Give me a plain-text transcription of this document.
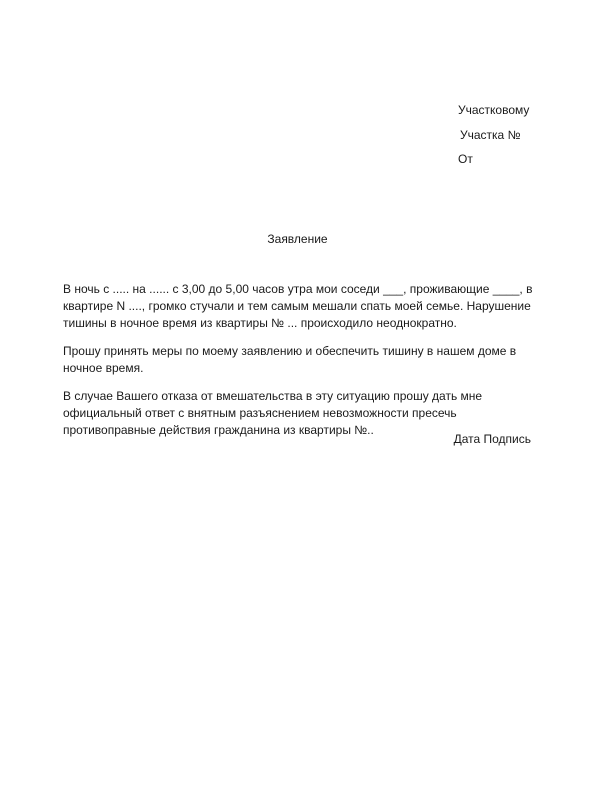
Участковому
Участка №
От
Заявление
В ночь с ..... на ...... с 3,00 до 5,00 часов утра мои соседи ___, проживающие ____, в
квартире N ...., громко стучали и тем самым мешали спать моей семье. Нарушение
тишины в ночное время из квартиры № ... происходило неоднократно.
Прошу принять меры по моему заявлению и обеспечить тишину в нашем доме в
ночное время.
В случае Вашего отказа от вмешательства в эту ситуацию прошу дать мне
официальный ответ с внятным разъяснением невозможности пресечь
противоправные действия гражданина из квартиры №..
Дата Подпись
